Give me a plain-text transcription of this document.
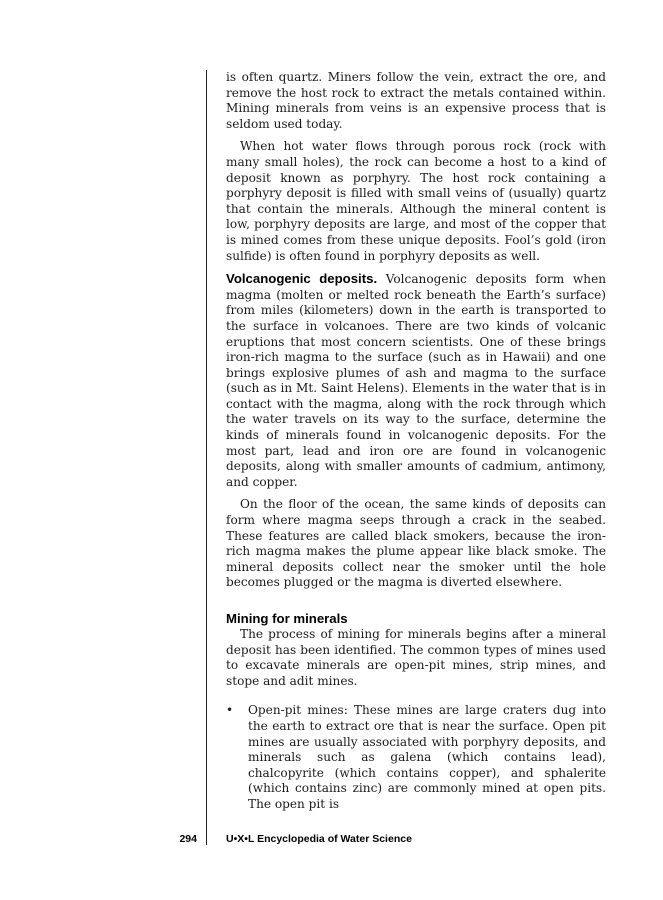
is often quartz. Miners follow the vein, extract the ore, and remove the host rock to extract the metals contained within. Mining minerals from veins is an expensive process that is seldom used today.

When hot water flows through porous rock (rock with many small holes), the rock can become a host to a kind of deposit known as porphyry. The host rock containing a porphyry deposit is filled with small veins of (usually) quartz that contain the minerals. Although the mineral content is low, porphyry deposits are large, and most of the copper that is mined comes from these unique deposits. Fool’s gold (iron sulfide) is often found in porphyry deposits as well.

Volcanogenic deposits. Volcanogenic deposits form when magma (molten or melted rock beneath the Earth’s surface) from miles (kilometers) down in the earth is transported to the surface in volcanoes. There are two kinds of volcanic eruptions that most concern scientists. One of these brings iron-rich magma to the surface (such as in Hawaii) and one brings explosive plumes of ash and magma to the surface (such as in Mt. Saint Helens). Elements in the water that is in contact with the magma, along with the rock through which the water travels on its way to the surface, determine the kinds of minerals found in volcanogenic deposits. For the most part, lead and iron ore are found in volcanogenic deposits, along with smaller amounts of cadmium, antimony, and copper.

On the floor of the ocean, the same kinds of deposits can form where magma seeps through a crack in the seabed. These features are called black smokers, because the iron-rich magma makes the plume appear like black smoke. The mineral deposits collect near the smoker until the hole becomes plugged or the magma is diverted elsewhere.

Mining for minerals

The process of mining for minerals begins after a mineral deposit has been identified. The common types of mines used to excavate minerals are open-pit mines, strip mines, and stope and adit mines.

• Open-pit mines: These mines are large craters dug into the earth to extract ore that is near the surface. Open pit mines are usually associated with porphyry deposits, and minerals such as galena (which contains lead), chalcopyrite (which contains copper), and sphalerite (which contains zinc) are commonly mined at open pits. The open pit is
294	U•X•L Encyclopedia of Water Science
